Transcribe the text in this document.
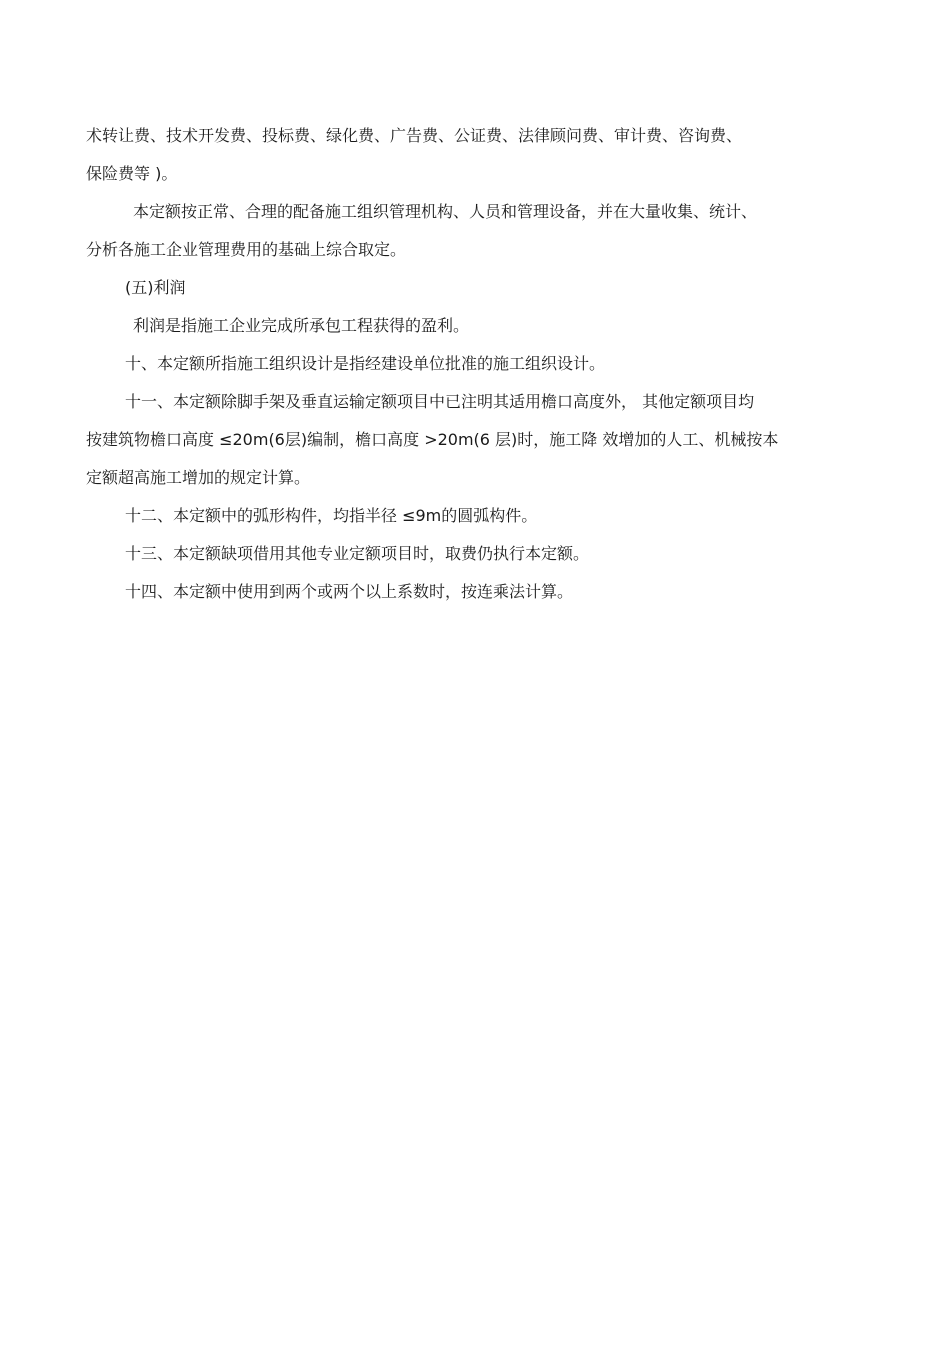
术转让费、技术开发费、投标费、绿化费、广告费、公证费、法律顾问费、审计费、咨询费、
保险费等 )。
本定额按正常、合理的配备施工组织管理机构、人员和管理设备，并在大量收集、统计、
分析各施工企业管理费用的基础上综合取定。
(五)利润
利润是指施工企业完成所承包工程获得的盈利。
十、本定额所指施工组织设计是指经建设单位批准的施工组织设计。
十一、本定额除脚手架及垂直运输定额项目中已注明其适用檐口高度外， 其他定额项目均
按建筑物檐口高度 ≤20m(6层)编制，檐口高度 >20m(6 层)时，施工降 效增加的人工、机械按本
定额超高施工增加的规定计算。
十二、本定额中的弧形构件，均指半径 ≤9m的圆弧构件。
十三、本定额缺项借用其他专业定额项目时，取费仍执行本定额。
十四、本定额中使用到两个或两个以上系数时，按连乘法计算。
